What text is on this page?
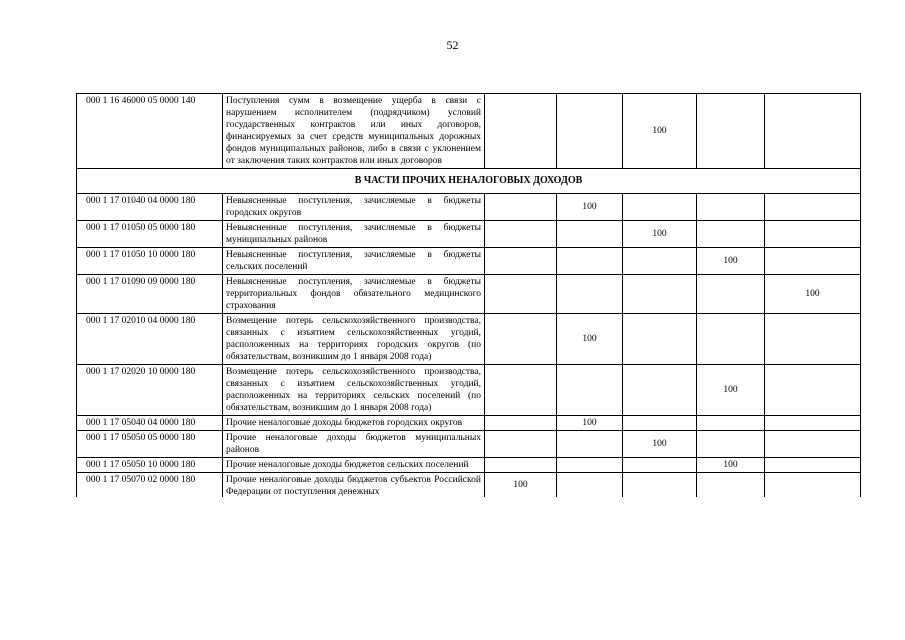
52
000 1 16 46000 05 0000 140	Поступления сумм в возмещение ущерба в связи с нарушением исполнителем (подрядчиком) условий государственных контрактов или иных договоров, финансируемых за счет средств муниципальных дорожных фондов муниципальных районов, либо в связи с уклонением от заключения таких контрактов или иных договоров			100		
В ЧАСТИ ПРОЧИХ НЕНАЛОГОВЫХ ДОХОДОВ						
000 1 17 01040 04 0000 180	Невыясненные поступления, зачисляемые в бюджеты городских округов		100			
000 1 17 01050 05 0000 180	Невыясненные поступления, зачисляемые в бюджеты муниципальных районов			100		
000 1 17 01050 10 0000 180	Невыясненные поступления, зачисляемые в бюджеты сельских поселений				100	
000 1 17 01090 09 0000 180	Невыясненные поступления, зачисляемые в бюджеты территориальных фондов обязательного медицинского страхования					100
000 1 17 02010 04 0000 180	Возмещение потерь сельскохозяйственного производства, связанных с изъятием сельскохозяйственных угодий, расположенных на территориях городских округов (по обязательствам, возникшим до 1 января 2008 года)		100			
000 1 17 02020 10 0000 180	Возмещение потерь сельскохозяйственного производства, связанных с изъятием сельскохозяйственных угодий, расположенных на территориях сельских поселений (по обязательствам, возникшим до 1 января 2008 года)				100	
000 1 17 05040 04 0000 180	Прочие неналоговые доходы бюджетов городских округов		100			
000 1 17 05050 05 0000 180	Прочие неналоговые доходы бюджетов муниципальных районов			100		
000 1 17 05050 10 0000 180	Прочие неналоговые доходы бюджетов сельских поселений				100	
000 1 17 05070 02 0000 180	Прочие неналоговые доходы бюджетов субъектов Российской Федерации от поступления денежных	100				
